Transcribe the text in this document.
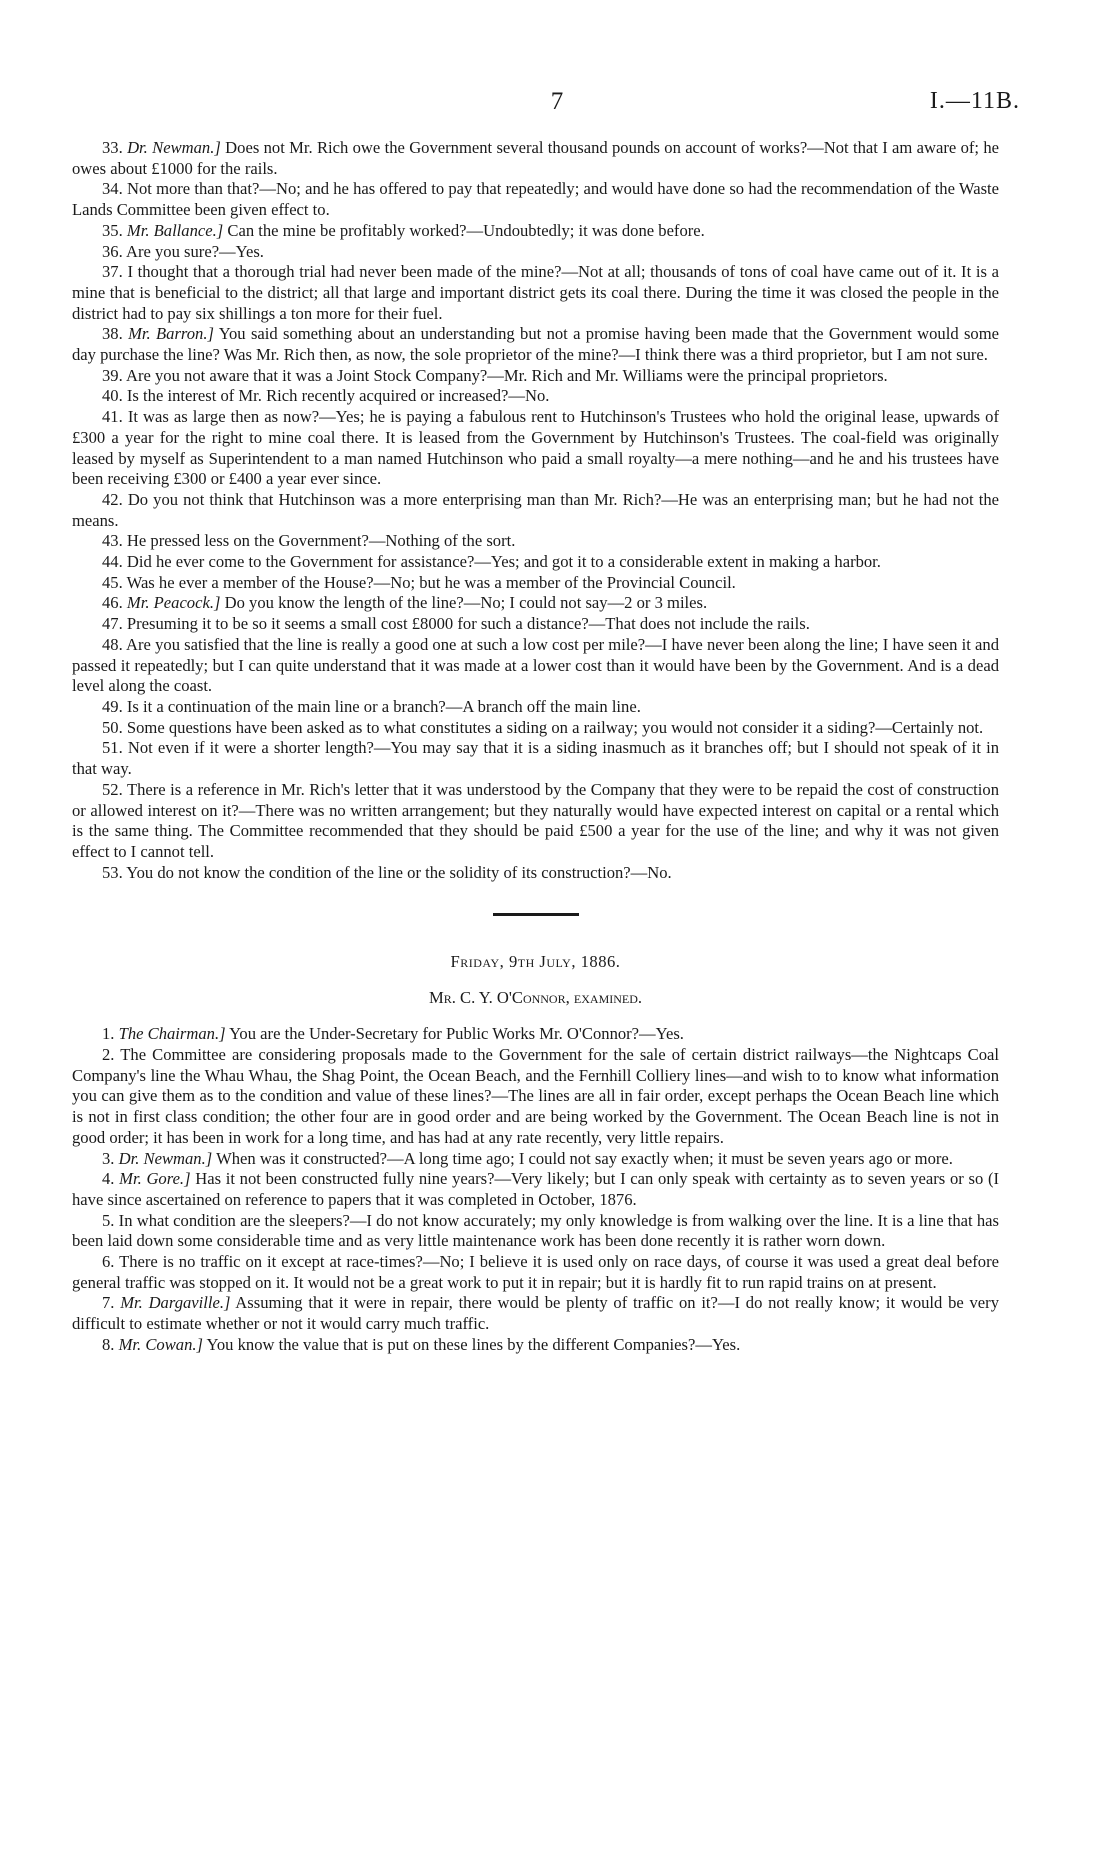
7	I.—11B.

33. Dr. Newman.] Does not Mr. Rich owe the Government several thousand pounds on account of works?—Not that I am aware of; he owes about £1000 for the rails.

34. Not more than that?—No; and he has offered to pay that repeatedly; and would have done so had the recommendation of the Waste Lands Committee been given effect to.

35. Mr. Ballance.] Can the mine be profitably worked?—Undoubtedly; it was done before.

36. Are you sure?—Yes.

37. I thought that a thorough trial had never been made of the mine?—Not at all; thousands of tons of coal have came out of it. It is a mine that is beneficial to the district; all that large and important district gets its coal there. During the time it was closed the people in the district had to pay six shillings a ton more for their fuel.

38. Mr. Barron.] You said something about an understanding but not a promise having been made that the Government would some day purchase the line? Was Mr. Rich then, as now, the sole proprietor of the mine?—I think there was a third proprietor, but I am not sure.

39. Are you not aware that it was a Joint Stock Company?—Mr. Rich and Mr. Williams were the principal proprietors.

40. Is the interest of Mr. Rich recently acquired or increased?—No.

41. It was as large then as now?—Yes; he is paying a fabulous rent to Hutchinson's Trustees who hold the original lease, upwards of £300 a year for the right to mine coal there. It is leased from the Government by Hutchinson's Trustees. The coal-field was originally leased by myself as Superintendent to a man named Hutchinson who paid a small royalty—a mere nothing—and he and his trustees have been receiving £300 or £400 a year ever since.

42. Do you not think that Hutchinson was a more enterprising man than Mr. Rich?—He was an enterprising man; but he had not the means.

43. He pressed less on the Government?—Nothing of the sort.

44. Did he ever come to the Government for assistance?—Yes; and got it to a considerable extent in making a harbor.

45. Was he ever a member of the House?—No; but he was a member of the Provincial Council.

46. Mr. Peacock.] Do you know the length of the line?—No; I could not say—2 or 3 miles.

47. Presuming it to be so it seems a small cost £8000 for such a distance?—That does not include the rails.

48. Are you satisfied that the line is really a good one at such a low cost per mile?—I have never been along the line; I have seen it and passed it repeatedly; but I can quite understand that it was made at a lower cost than it would have been by the Government. And is a dead level along the coast.

49. Is it a continuation of the main line or a branch?—A branch off the main line.

50. Some questions have been asked as to what constitutes a siding on a railway; you would not consider it a siding?—Certainly not.

51. Not even if it were a shorter length?—You may say that it is a siding inasmuch as it branches off; but I should not speak of it in that way.

52. There is a reference in Mr. Rich's letter that it was understood by the Company that they were to be repaid the cost of construction or allowed interest on it?—There was no written arrangement; but they naturally would have expected interest on capital or a rental which is the same thing. The Committee recommended that they should be paid £500 a year for the use of the line; and why it was not given effect to I cannot tell.

53. You do not know the condition of the line or the solidity of its construction?—No.

Friday, 9th July, 1886.
Mr. C. Y. O'Connor, examined.

1. The Chairman.] You are the Under-Secretary for Public Works Mr. O'Connor?—Yes.

2. The Committee are considering proposals made to the Government for the sale of certain district railways—the Nightcaps Coal Company's line the Whau Whau, the Shag Point, the Ocean Beach, and the Fernhill Colliery lines—and wish to to know what information you can give them as to the condition and value of these lines?—The lines are all in fair order, except perhaps the Ocean Beach line which is not in first class condition; the other four are in good order and are being worked by the Government. The Ocean Beach line is not in good order; it has been in work for a long time, and has had at any rate recently, very little repairs.

3. Dr. Newman.] When was it constructed?—A long time ago; I could not say exactly when; it must be seven years ago or more.

4. Mr. Gore.] Has it not been constructed fully nine years?—Very likely; but I can only speak with certainty as to seven years or so (I have since ascertained on reference to papers that it was completed in October, 1876.

5. In what condition are the sleepers?—I do not know accurately; my only knowledge is from walking over the line. It is a line that has been laid down some considerable time and as very little maintenance work has been done recently it is rather worn down.

6. There is no traffic on it except at race-times?—No; I believe it is used only on race days, of course it was used a great deal before general traffic was stopped on it. It would not be a great work to put it in repair; but it is hardly fit to run rapid trains on at present.

7. Mr. Dargaville.] Assuming that it were in repair, there would be plenty of traffic on it?—I do not really know; it would be very difficult to estimate whether or not it would carry much traffic.

8. Mr. Cowan.] You know the value that is put on these lines by the different Companies?—Yes.
